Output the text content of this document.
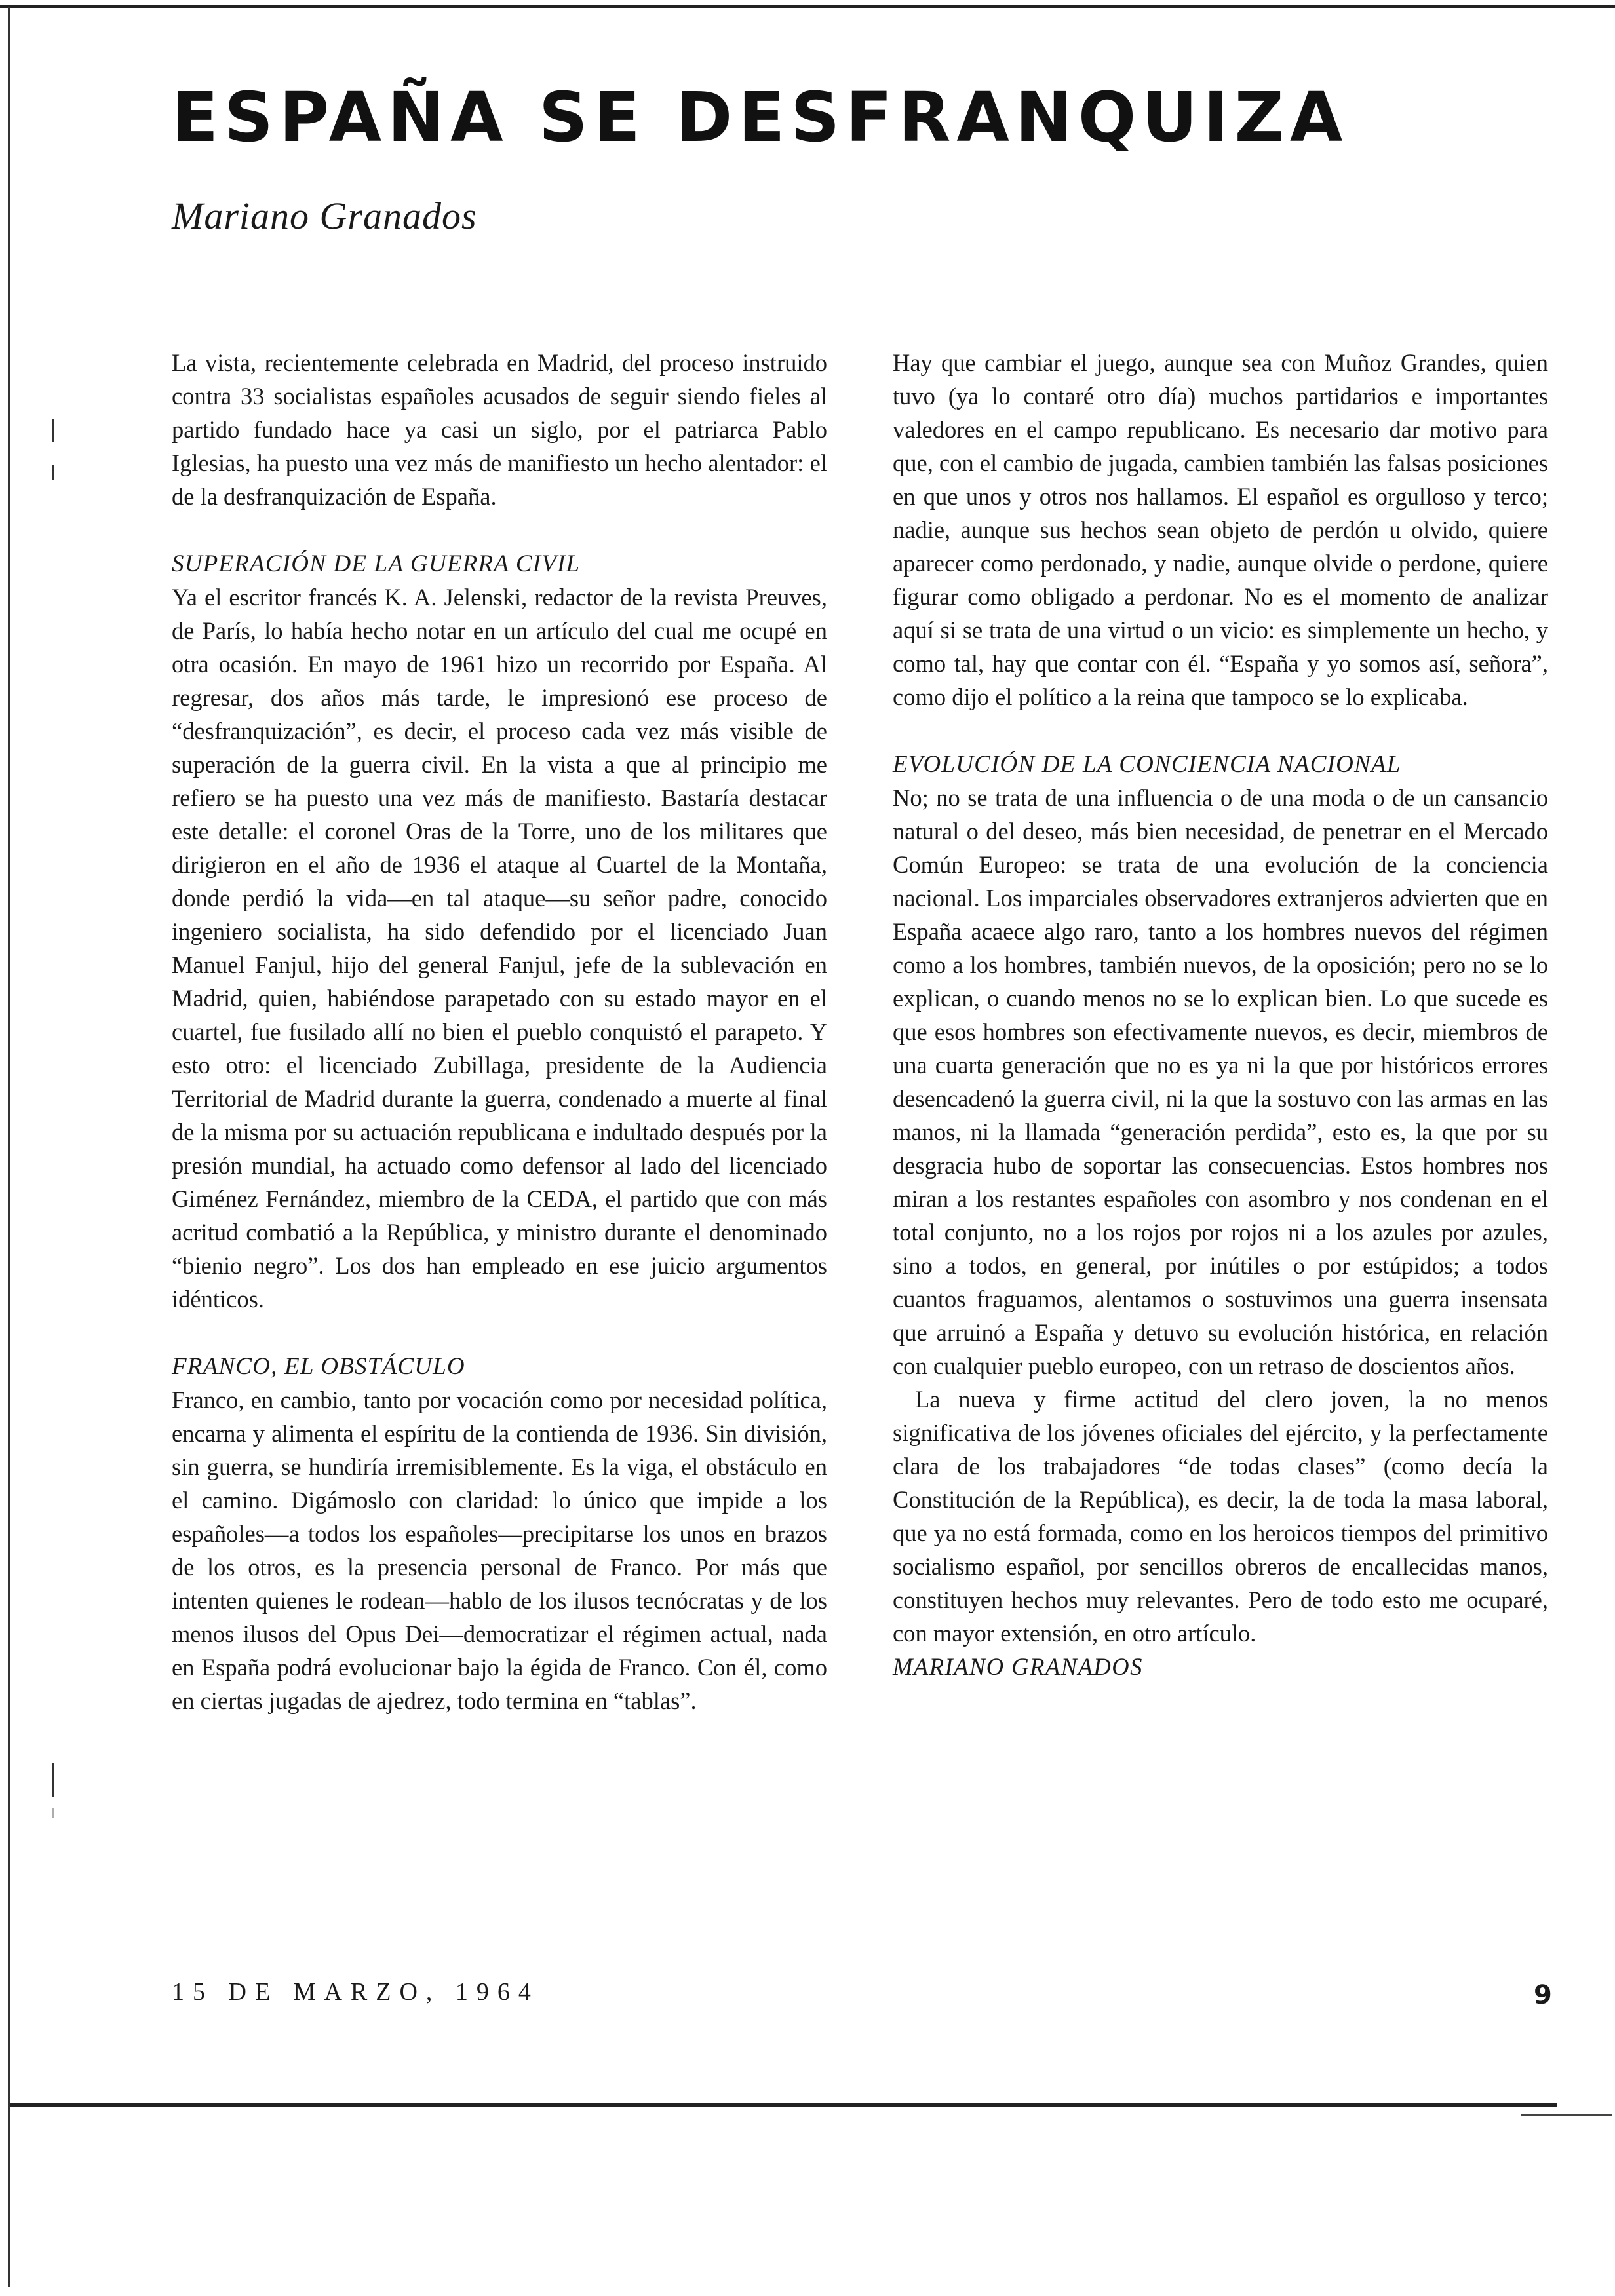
ESPAÑA SE DESFRANQUIZA

Mariano Granados

La vista, recientemente celebrada en Madrid, del proceso instruido contra 33 socialistas españoles acusados de seguir siendo fieles al partido fundado hace ya casi un siglo, por el patriarca Pablo Iglesias, ha puesto una vez más de manifiesto un hecho alentador: el de la desfranquización de España.

SUPERACIÓN DE LA GUERRA CIVIL

Ya el escritor francés K. A. Jelenski, redactor de la revista Preuves, de París, lo había hecho notar en un artículo del cual me ocupé en otra ocasión. En mayo de 1961 hizo un recorrido por España. Al regresar, dos años más tarde, le impresionó ese proceso de “desfranquización”, es decir, el proceso cada vez más visible de superación de la guerra civil. En la vista a que al principio me refiero se ha puesto una vez más de manifiesto. Bastaría destacar este detalle: el coronel Oras de la Torre, uno de los militares que dirigieron en el año de 1936 el ataque al Cuartel de la Montaña, donde perdió la vida—en tal ataque—su señor padre, conocido ingeniero socialista, ha sido defendido por el licenciado Juan Manuel Fanjul, hijo del general Fanjul, jefe de la sublevación en Madrid, quien, habiéndose parapetado con su estado mayor en el cuartel, fue fusilado allí no bien el pueblo conquistó el parapeto. Y esto otro: el licenciado Zubillaga, presidente de la Audiencia Territorial de Madrid durante la guerra, condenado a muerte al final de la misma por su actuación republicana e indultado después por la presión mundial, ha actuado como defensor al lado del licenciado Giménez Fernández, miembro de la CEDA, el partido que con más acritud combatió a la República, y ministro durante el denominado “bienio negro”. Los dos han empleado en ese juicio argumentos idénticos.

FRANCO, EL OBSTÁCULO

Franco, en cambio, tanto por vocación como por necesidad política, encarna y alimenta el espíritu de la contienda de 1936. Sin división, sin guerra, se hundiría irremisiblemente. Es la viga, el obstáculo en el camino. Digámoslo con claridad: lo único que impide a los españoles—a todos los españoles—precipitarse los unos en brazos de los otros, es la presencia personal de Franco. Por más que intenten quienes le rodean—hablo de los ilusos tecnócratas y de los menos ilusos del Opus Dei—democratizar el régimen actual, nada en España podrá evolucionar bajo la égida de Franco. Con él, como en ciertas jugadas de ajedrez, todo termina en “tablas”.

Hay que cambiar el juego, aunque sea con Muñoz Grandes, quien tuvo (ya lo contaré otro día) muchos partidarios e importantes valedores en el campo republicano. Es necesario dar motivo para que, con el cambio de jugada, cambien también las falsas posiciones en que unos y otros nos hallamos. El español es orgulloso y terco; nadie, aunque sus hechos sean objeto de perdón u olvido, quiere aparecer como perdonado, y nadie, aunque olvide o perdone, quiere figurar como obligado a perdonar. No es el momento de analizar aquí si se trata de una virtud o un vicio: es simplemente un hecho, y como tal, hay que contar con él. “España y yo somos así, señora”, como dijo el político a la reina que tampoco se lo explicaba.

EVOLUCIÓN DE LA CONCIENCIA NACIONAL

No; no se trata de una influencia o de una moda o de un cansancio natural o del deseo, más bien necesidad, de penetrar en el Mercado Común Europeo: se trata de una evolución de la conciencia nacional. Los imparciales observadores extranjeros advierten que en España acaece algo raro, tanto a los hombres nuevos del régimen como a los hombres, también nuevos, de la oposición; pero no se lo explican, o cuando menos no se lo explican bien. Lo que sucede es que esos hombres son efectivamente nuevos, es decir, miembros de una cuarta generación que no es ya ni la que por históricos errores desencadenó la guerra civil, ni la que la sostuvo con las armas en las manos, ni la llamada “generación perdida”, esto es, la que por su desgracia hubo de soportar las consecuencias. Estos hombres nos miran a los restantes españoles con asombro y nos condenan en el total conjunto, no a los rojos por rojos ni a los azules por azules, sino a todos, en general, por inútiles o por estúpidos; a todos cuantos fraguamos, alentamos o sostuvimos una guerra insensata que arruinó a España y detuvo su evolución histórica, en relación con cualquier pueblo europeo, con un retraso de doscientos años.

La nueva y firme actitud del clero joven, la no menos significativa de los jóvenes oficiales del ejército, y la perfectamente clara de los trabajadores “de todas clases” (como decía la Constitución de la República), es decir, la de toda la masa laboral, que ya no está formada, como en los heroicos tiempos del primitivo socialismo español, por sencillos obreros de encallecidas manos, constituyen hechos muy relevantes. Pero de todo esto me ocuparé, con mayor extensión, en otro artículo.

MARIANO GRANADOS

15 DE MARZO, 1964	9
